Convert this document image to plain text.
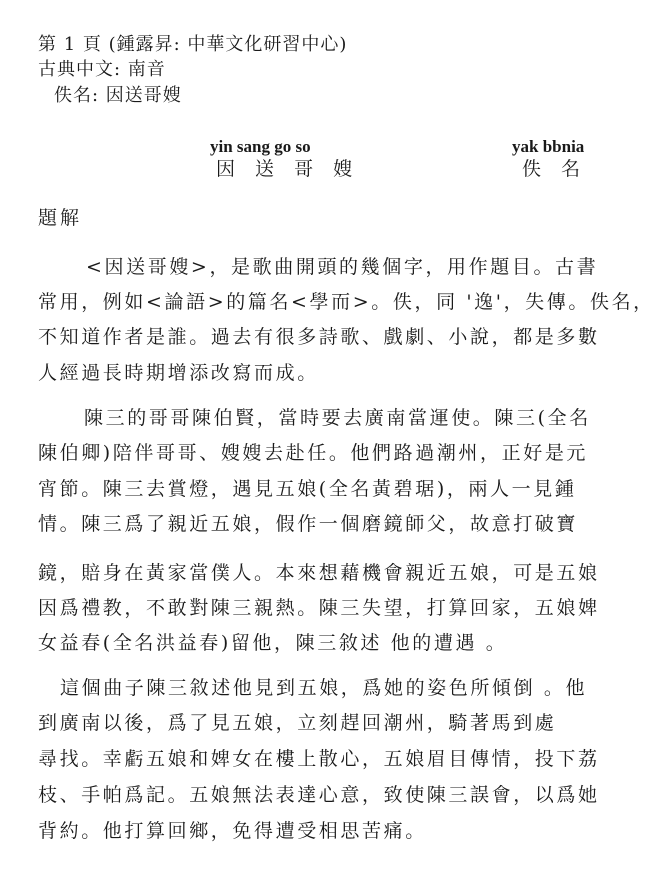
第 1 頁 (鍾露昇: 中華文化研習中心)
古典中文: 南音
佚名: 因送哥嫂
yin sang go so
因 送 哥 嫂
yak bbnia
佚名
題解
<因送哥嫂>，是歌曲開頭的幾個字，用作題目。古書
常用，例如<論語>的篇名<學而>。佚，同 '逸'，失傳。佚名，
不知道作者是誰。過去有很多詩歌、戲劇、小說，都是多數
人經過長時期增添改寫而成。
陳三的哥哥陳伯賢，當時要去廣南當運使。陳三(全名
陳伯卿)陪伴哥哥、嫂嫂去赴任。他們路過潮州，正好是元
宵節。陳三去賞燈，遇見五娘(全名黃碧琚)，兩人一見鍾
情。陳三爲了親近五娘，假作一個磨鏡師父，故意打破寶
鏡，賠身在黃家當僕人。本來想藉機會親近五娘，可是五娘
因爲禮教，不敢對陳三親熱。陳三失望，打算回家，五娘婢
女益春(全名洪益春)留他，陳三敘述 他的遭遇 。
這個曲子陳三敘述他見到五娘，爲她的姿色所傾倒 。他
到廣南以後，爲了見五娘，立刻趕回潮州，騎著馬到處
尋找。幸虧五娘和婢女在樓上散心，五娘眉目傳情，投下荔
枝、手帕爲記。五娘無法表達心意，致使陳三誤會，以爲她
背約。他打算回鄉，免得遭受相思苦痛。
